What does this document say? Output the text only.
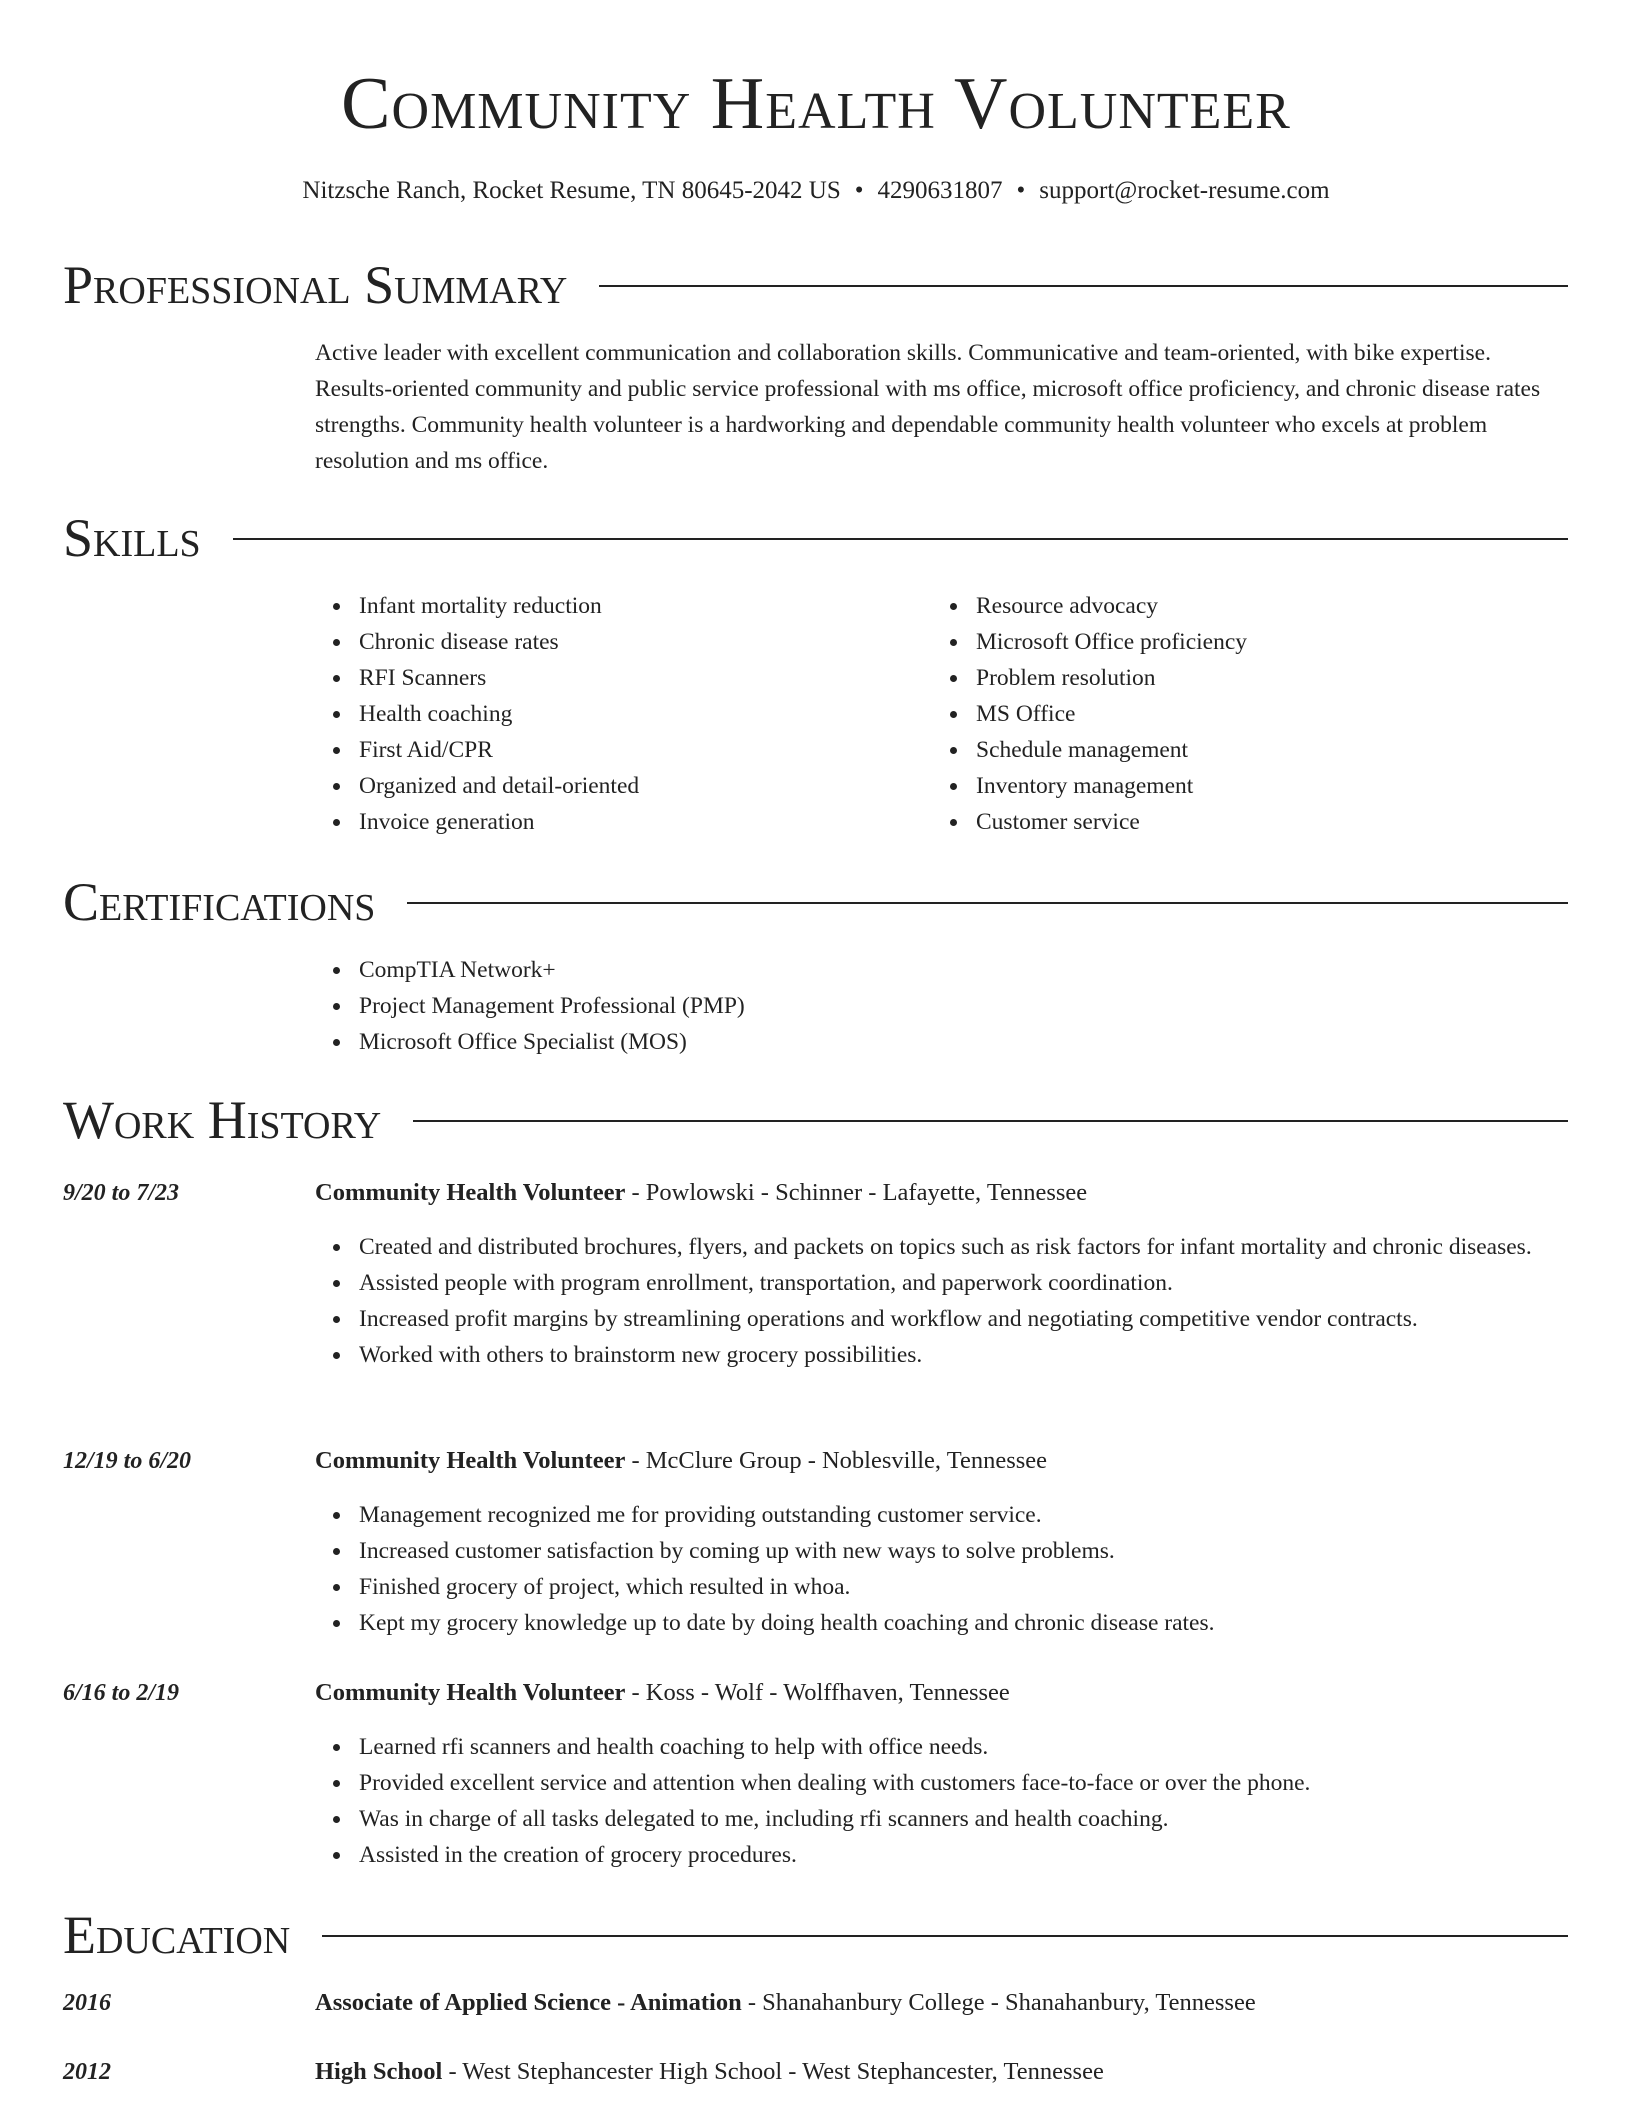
Community Health Volunteer
Nitzsche Ranch, Rocket Resume, TN 80645-2042 US • 4290631807 • support@rocket-resume.com
Professional Summary
Active leader with excellent communication and collaboration skills. Communicative and team-oriented, with bike expertise. Results-oriented community and public service professional with ms office, microsoft office proficiency, and chronic disease rates strengths. Community health volunteer is a hardworking and dependable community health volunteer who excels at problem resolution and ms office.
Skills
Infant mortality reduction
Chronic disease rates
RFI Scanners
Health coaching
First Aid/CPR
Organized and detail-oriented
Invoice generation
Resource advocacy
Microsoft Office proficiency
Problem resolution
MS Office
Schedule management
Inventory management
Customer service
Certifications
CompTIA Network+
Project Management Professional (PMP)
Microsoft Office Specialist (MOS)
Work History
9/20 to 7/23	Community Health Volunteer - Powlowski - Schinner - Lafayette, Tennessee
Created and distributed brochures, flyers, and packets on topics such as risk factors for infant mortality and chronic diseases.
Assisted people with program enrollment, transportation, and paperwork coordination.
Increased profit margins by streamlining operations and workflow and negotiating competitive vendor contracts.
Worked with others to brainstorm new grocery possibilities.
12/19 to 6/20	Community Health Volunteer - McClure Group - Noblesville, Tennessee
Management recognized me for providing outstanding customer service.
Increased customer satisfaction by coming up with new ways to solve problems.
Finished grocery of project, which resulted in whoa.
Kept my grocery knowledge up to date by doing health coaching and chronic disease rates.
6/16 to 2/19	Community Health Volunteer - Koss - Wolf - Wolffhaven, Tennessee
Learned rfi scanners and health coaching to help with office needs.
Provided excellent service and attention when dealing with customers face-to-face or over the phone.
Was in charge of all tasks delegated to me, including rfi scanners and health coaching.
Assisted in the creation of grocery procedures.
Education
2016	Associate of Applied Science - Animation - Shanahanbury College - Shanahanbury, Tennessee
2012	High School - West Stephancester High School - West Stephancester, Tennessee
